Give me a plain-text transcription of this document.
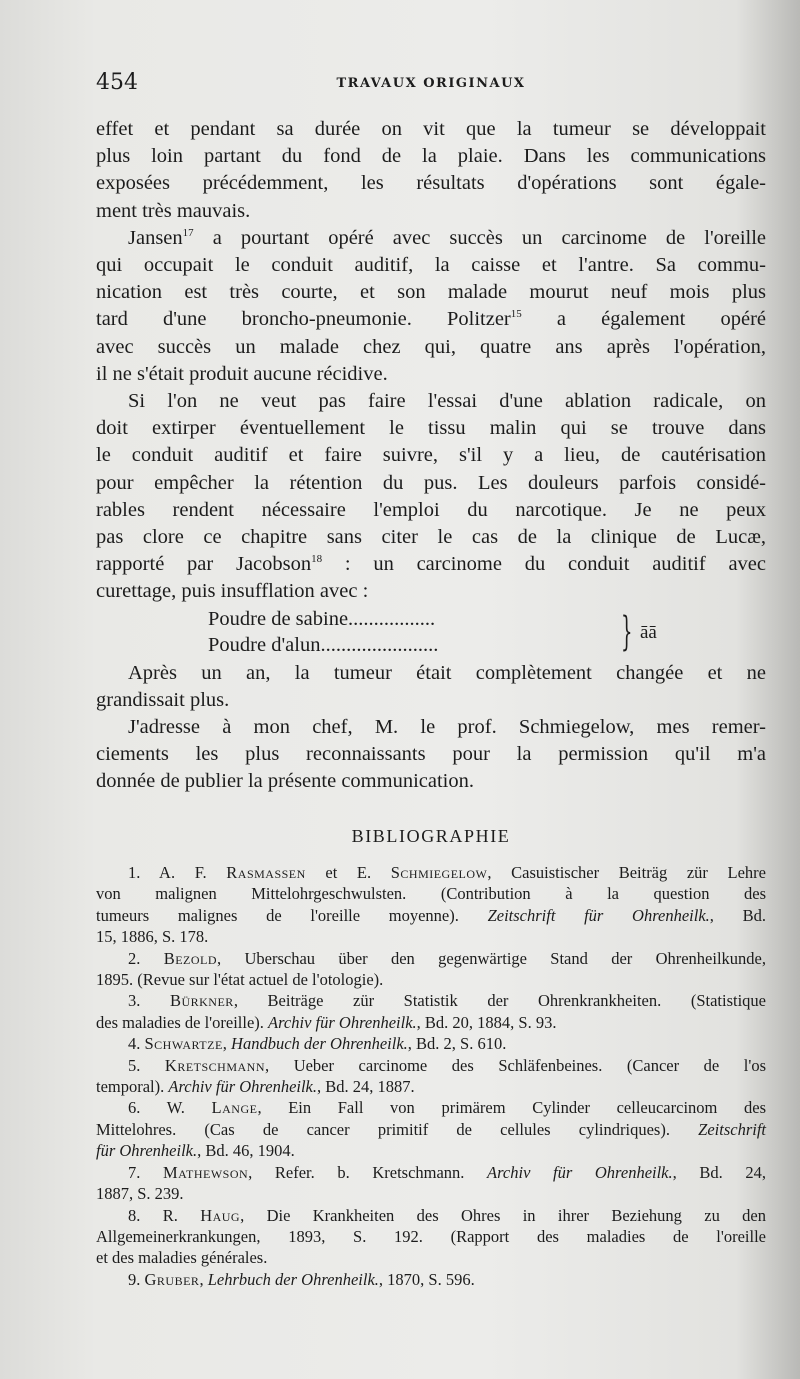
454	TRAVAUX ORIGINAUX

effet et pendant sa durée on vit que la tumeur se développait
plus loin partant du fond de la plaie. Dans les communications
exposées précédemment, les résultats d'opérations sont égale-
ment très mauvais.

Jansen$^{17}$ a pourtant opéré avec succès un carcinome de l'oreille
qui occupait le conduit auditif, la caisse et l'antre. Sa commu-
nication est très courte, et son malade mourut neuf mois plus
tard d'une broncho-pneumonie. Politzer$^{15}$ a également opéré
avec succès un malade chez qui, quatre ans après l'opération,
il ne s'était produit aucune récidive.

Si l'on ne veut pas faire l'essai d'une ablation radicale, on
doit extirper éventuellement le tissu malin qui se trouve dans
le conduit auditif et faire suivre, s'il y a lieu, de cautérisation
pour empêcher la rétention du pus. Les douleurs parfois considé-
rables rendent nécessaire l'emploi du narcotique. Je ne peux
pas clore ce chapitre sans citer le cas de la clinique de Lucæ,
rapporté par Jacobson$^{18}$ : un carcinome du conduit auditif avec
curettage, puis insufflation avec :

Poudre de sabine.................
Poudre d'alun.......................	} āā

Après un an, la tumeur était complètement changée et ne
grandissait plus.

J'adresse à mon chef, M. le prof. Schmiegelow, mes remer-
ciements les plus reconnaissants pour la permission qu'il m'a
donnée de publier la présente communication.

BIBLIOGRAPHIE
1. A. F. Rasmassen et E. Schmiegelow, Casuistischer Beiträg zür Lehre
von malignen Mittelohrgeschwulsten. (Contribution à la question des
tumeurs malignes de l'oreille moyenne). Zeitschrift für Ohrenheilk., Bd.
15, 1886, S. 178.
2. Bezold, Uberschau über den gegenwärtige Stand der Ohrenheilkunde,
1895. (Revue sur l'état actuel de l'otologie).
3. Bürkner, Beiträge zür Statistik der Ohrenkrankheiten. (Statistique
des maladies de l'oreille). Archiv für Ohrenheilk., Bd. 20, 1884, S. 93.
4. Schwartze, Handbuch der Ohrenheilk., Bd. 2, S. 610.
5. Kretschmann, Ueber carcinome des Schläfenbeines. (Cancer de l'os
temporal). Archiv für Ohrenheilk., Bd. 24, 1887.
6. W. Lange, Ein Fall von primärem Cylinder celleucarcinom des
Mittelohres. (Cas de cancer primitif de cellules cylindriques). Zeitschrift
für Ohrenheilk., Bd. 46, 1904.
7. Mathewson, Refer. b. Kretschmann. Archiv für Ohrenheilk., Bd. 24,
1887, S. 239.
8. R. Haug, Die Krankheiten des Ohres in ihrer Beziehung zu den
Allgemeinerkrankungen, 1893, S. 192. (Rapport des maladies de l'oreille
et des maladies générales.
9. Gruber, Lehrbuch der Ohrenheilk., 1870, S. 596.
